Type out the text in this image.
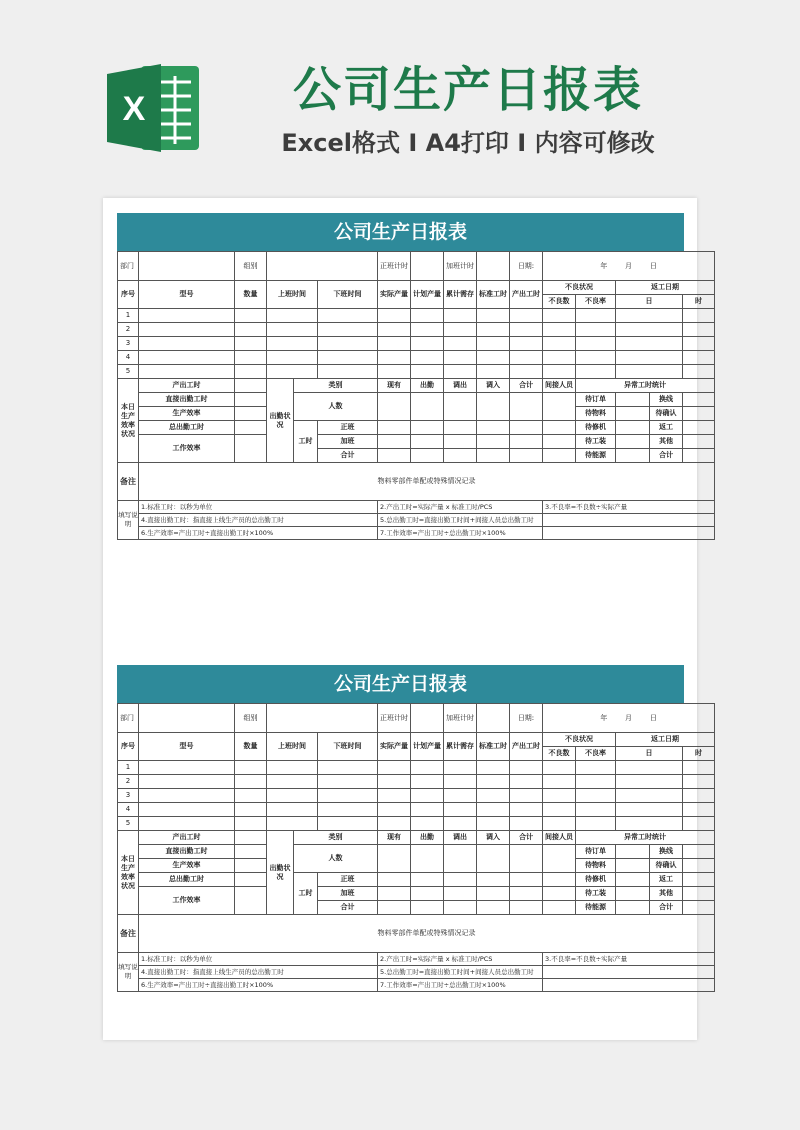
X	公司生产日报表
Excel格式 I A4打印 I 内容可修改
公司生产日报表
部门		组别				正班计时		加班计时		日期:	年 月 日				
序号	型号	数量	上班时间		下班时间	实际产量	计划产量	累计需存	标准工时	产出工时	不良状况		返工日期		
											不良数	不良率	日		时
1															
2															
3															
4															
5															
本日生产效率状况	产出工时		出勤状况	类别		现有	出勤	调出	调入	合计	间接人员	异常工时统计			
	直接出勤工时			人数								待订单		换线	
	生产效率											待物料		待确认	
	总出勤工时			工时	正班							待修机		返工	
	工作效率				加班							待工装		其他	
					合计							待能源		合计	
备注	物料零部件单配或特殊情况记录														
填写说明	1.标准工时：以秒为单位					2.产出工时=实际产量 x 标准工时/PCS					3.不良率=不良数÷实际产量				
	4.直接出勤工时：指直接上线生产员的总出勤工时					5.总出勤工时=直接出勤工时间+间接人员总出勤工时									
	6.生产效率=产出工时÷直接出勤工时×100%					7.工作效率=产出工时÷总出勤工时×100%									
公司生产日报表
部门		组别				正班计时		加班计时		日期:	年 月 日				
序号	型号	数量	上班时间		下班时间	实际产量	计划产量	累计需存	标准工时	产出工时	不良状况		返工日期		
											不良数	不良率	日		时
1															
2															
3															
4															
5															
本日生产效率状况	产出工时		出勤状况	类别		现有	出勤	调出	调入	合计	间接人员	异常工时统计			
	直接出勤工时			人数								待订单		换线	
	生产效率											待物料		待确认	
	总出勤工时			工时	正班							待修机		返工	
	工作效率				加班							待工装		其他	
					合计							待能源		合计	
备注	物料零部件单配或特殊情况记录														
填写说明	1.标准工时：以秒为单位					2.产出工时=实际产量 x 标准工时/PCS					3.不良率=不良数÷实际产量				
	4.直接出勤工时：指直接上线生产员的总出勤工时					5.总出勤工时=直接出勤工时间+间接人员总出勤工时									
	6.生产效率=产出工时÷直接出勤工时×100%					7.工作效率=产出工时÷总出勤工时×100%									
